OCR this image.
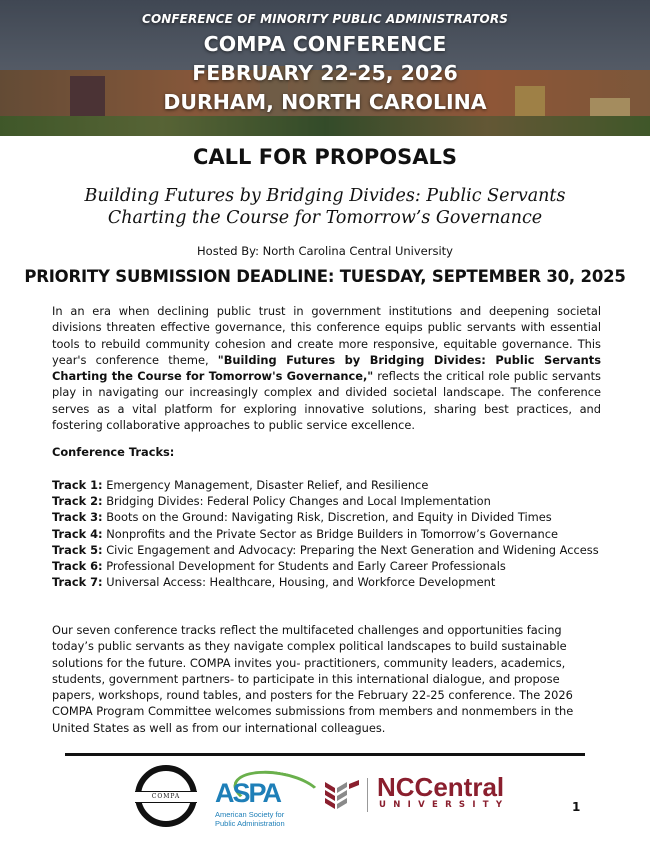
CONFERENCE OF MINORITY PUBLIC ADMINISTRATORS
COMPA CONFERENCE
FEBRUARY 22-25, 2026
DURHAM, NORTH CAROLINA
CALL FOR PROPOSALS
Building Futures by Bridging Divides: Public Servants
Charting the Course for Tomorrow’s Governance
Hosted By: North Carolina Central University
PRIORITY SUBMISSION DEADLINE: TUESDAY, SEPTEMBER 30, 2025
In an era when declining public trust in government institutions and deepening societal divisions threaten effective governance, this conference equips public servants with essential tools to rebuild community cohesion and create more responsive, equitable governance. This year's conference theme, "Building Futures by Bridging Divides: Public Servants Charting the Course for Tomorrow's Governance," reflects the critical role public servants play in navigating our increasingly complex and divided societal landscape. The conference serves as a vital platform for exploring innovative solutions, sharing best practices, and fostering collaborative approaches to public service excellence.
Conference Tracks:
Track 1: Emergency Management, Disaster Relief, and Resilience
Track 2: Bridging Divides: Federal Policy Changes and Local Implementation
Track 3: Boots on the Ground: Navigating Risk, Discretion, and Equity in Divided Times
Track 4: Nonprofits and the Private Sector as Bridge Builders in Tomorrow’s Governance
Track 5: Civic Engagement and Advocacy: Preparing the Next Generation and Widening Access
Track 6: Professional Development for Students and Early Career Professionals
Track 7: Universal Access: Healthcare, Housing, and Workforce Development
Our seven conference tracks reflect the multifaceted challenges and opportunities facing today’s public servants as they navigate complex political landscapes to build sustainable solutions for the future. COMPA invites you- practitioners, community leaders, academics, students, government partners- to participate in this international dialogue, and propose papers, workshops, round tables, and posters for the February 22-25 conference. The 2026 COMPA Program Committee welcomes submissions from members and nonmembers in the United States as well as from our international colleagues.
COMPA	ASPA
American Society for
Public Administration
NCCentral
UNIVERSITY	1
